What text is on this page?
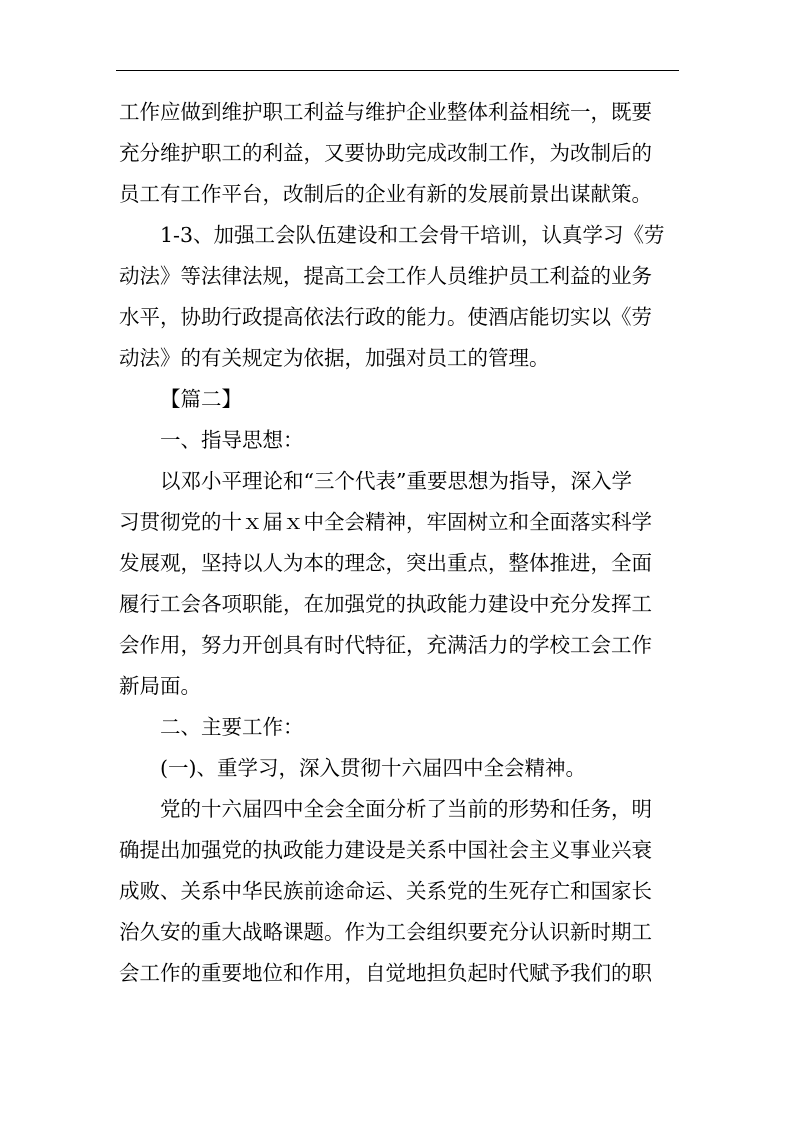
工作应做到维护职工利益与维护企业整体利益相统一，既要
充分维护职工的利益，又要协助完成改制工作，为改制后的
员工有工作平台，改制后的企业有新的发展前景出谋献策。
1-3、加强工会队伍建设和工会骨干培训，认真学习《劳
动法》等法律法规，提高工会工作人员维护员工利益的业务
水平，协助行政提高依法行政的能力。使酒店能切实以《劳
动法》的有关规定为依据，加强对员工的管理。
【篇二】
一、指导思想：
以邓小平理论和“三个代表”重要思想为指导，深入学
习贯彻党的十ｘ届ｘ中全会精神，牢固树立和全面落实科学
发展观，坚持以人为本的理念，突出重点，整体推进，全面
履行工会各项职能，在加强党的执政能力建设中充分发挥工
会作用，努力开创具有时代特征，充满活力的学校工会工作
新局面。
二、主要工作：
(一)、重学习，深入贯彻十六届四中全会精神。
党的十六届四中全会全面分析了当前的形势和任务，明
确提出加强党的执政能力建设是关系中国社会主义事业兴衰
成败、关系中华民族前途命运、关系党的生死存亡和国家长
治久安的重大战略课题。作为工会组织要充分认识新时期工
会工作的重要地位和作用，自觉地担负起时代赋予我们的职
